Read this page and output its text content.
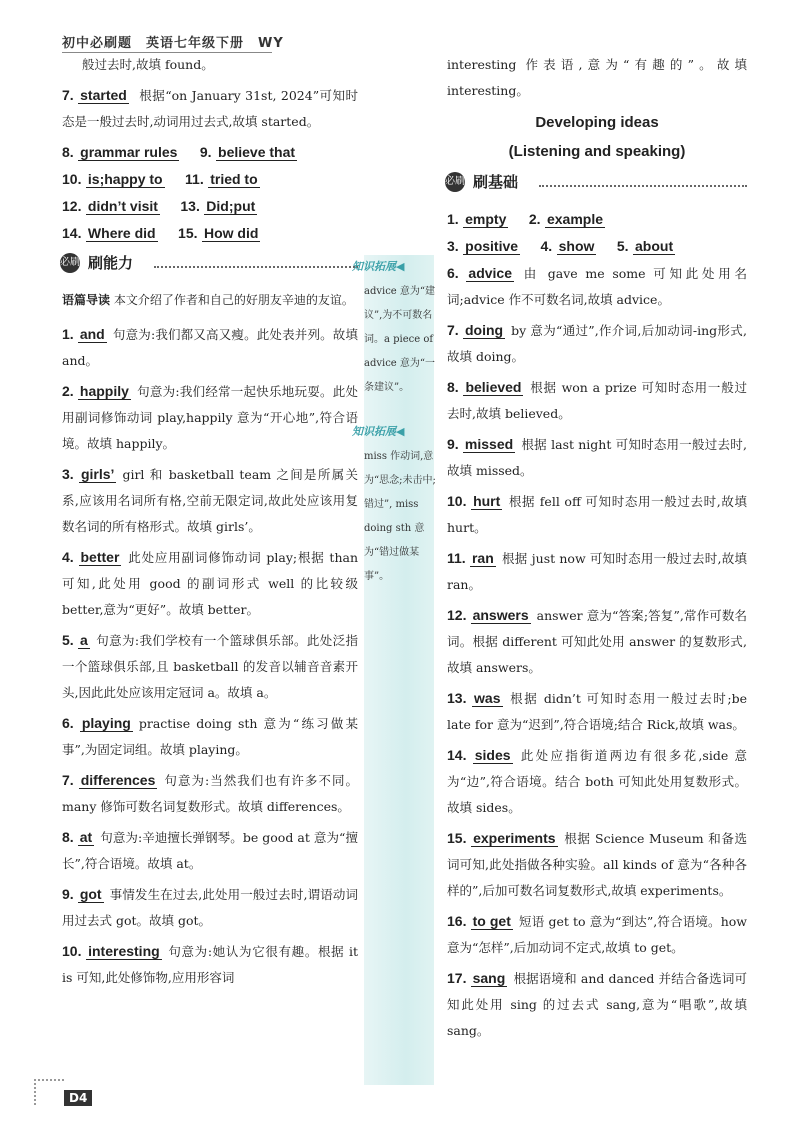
初中必刷题　英语七年级下册　WY
般过去时,故填 found。
7. started 根据“on January 31st, 2024”可知时态是一般过去时,动词用过去式,故填 started。
8. grammar rules 9. believe that
10. is;happy to 11. tried to
12. didn’t visit 13. Did;put
14. Where did 15. How did
必刷 刷能力
语篇导读 本文介绍了作者和自己的好朋友辛迪的友谊。
1. and 句意为:我们都又高又瘦。此处表并列。故填 and。
2. happily 句意为:我们经常一起快乐地玩耍。此处用副词修饰动词 play,happily 意为“开心地”,符合语境。故填 happily。
3. girls’ girl 和 basketball team 之间是所属关系,应该用名词所有格,空前无限定词,故此处应该用复数名词的所有格形式。故填 girls’。
4. better 此处应用副词修饰动词 play;根据 than 可知,此处用 good 的副词形式 well 的比较级 better,意为“更好”。故填 better。
5. a 句意为:我们学校有一个篮球俱乐部。此处泛指一个篮球俱乐部,且 basketball 的发音以辅音音素开头,因此此处应该用定冠词 a。故填 a。
6. playing practise doing sth 意为“练习做某事”,为固定词组。故填 playing。
7. differences 句意为:当然我们也有许多不同。many 修饰可数名词复数形式。故填 differences。
8. at 句意为:辛迪擅长弹钢琴。be good at 意为“擅长”,符合语境。故填 at。
9. got 事情发生在过去,此处用一般过去时,谓语动词用过去式 got。故填 got。
10. interesting 句意为:她认为它很有趣。根据 it is 可知,此处修饰物,应用形容词
知识拓展◀
advice 意为“建议”,为不可数名词。a piece of advice 意为“一条建议”。
知识拓展◀
miss 作动词,意为“思念;未击中;错过”, miss doing sth 意为“错过做某事”。
interesting 作表语,意为“有趣的”。故填 interesting。
Developing ideas
(Listening and speaking)
必刷 刷基础
1. empty 2. example
3. positive 4. show 5. about
6. advice 由 gave me some 可知此处用名词;advice 作不可数名词,故填 advice。
7. doing by 意为“通过”,作介词,后加动词-ing形式,故填 doing。
8. believed 根据 won a prize 可知时态用一般过去时,故填 believed。
9. missed 根据 last night 可知时态用一般过去时,故填 missed。
10. hurt 根据 fell off 可知时态用一般过去时,故填 hurt。
11. ran 根据 just now 可知时态用一般过去时,故填 ran。
12. answers answer 意为“答案;答复”,常作可数名词。根据 different 可知此处用 answer 的复数形式,故填 answers。
13. was 根据 didn’t 可知时态用一般过去时;be late for 意为“迟到”,符合语境;结合 Rick,故填 was。
14. sides 此处应指街道两边有很多花,side 意为“边”,符合语境。结合 both 可知此处用复数形式。故填 sides。
15. experiments 根据 Science Museum 和备选词可知,此处指做各种实验。all kinds of 意为“各种各样的”,后加可数名词复数形式,故填 experiments。
16. to get 短语 get to 意为“到达”,符合语境。how 意为“怎样”,后加动词不定式,故填 to get。
17. sang 根据语境和 and danced 并结合备选词可知此处用 sing 的过去式 sang,意为“唱歌”,故填 sang。
D4
